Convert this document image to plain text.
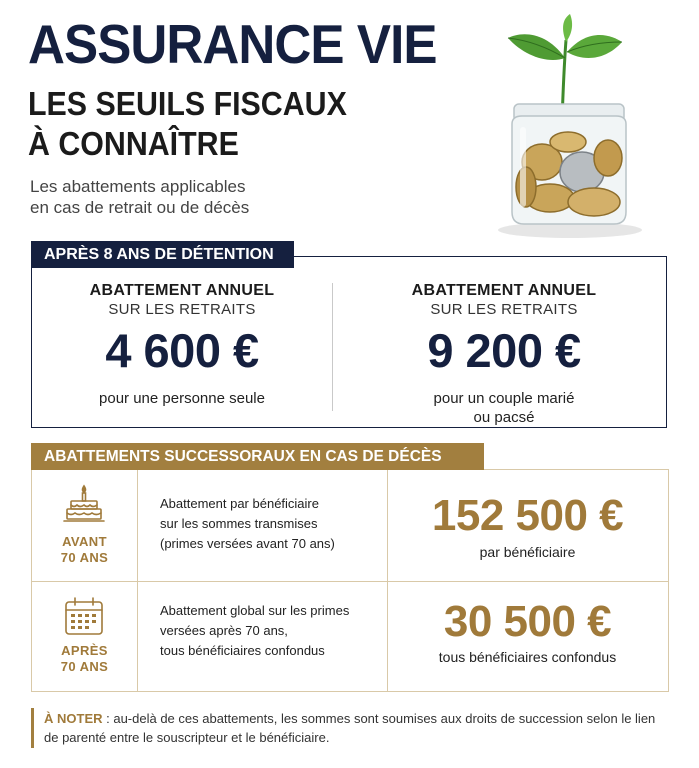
ASSURANCE VIE
LES SEUILS FISCAUX
À CONNAÎTRE
Les abattements applicables
en cas de retrait ou de décès
ABATTEMENT ANNUEL
SUR LES RETRAITS
4 600 €
pour une personne seule
ABATTEMENT ANNUEL
SUR LES RETRAITS
9 200 €
pour un couple marié
ou pacsé
APRÈS 8 ANS DE DÉTENTION
AVANT
70 ANS
Abattement par bénéficiaire
sur les sommes transmises
(primes versées avant 70 ans)
152 500 €
par bénéficiaire
APRÈS
70 ANS
Abattement global sur les primes
versées après 70 ans,
tous bénéficiaires confondus
30 500 €
tous bénéficiaires confondus
ABATTEMENTS SUCCESSORAUX EN CAS DE DÉCÈS
À NOTER : au-delà de ces abattements, les sommes sont soumises aux droits de succession selon le lien de parenté entre le souscripteur et le bénéficiaire.
